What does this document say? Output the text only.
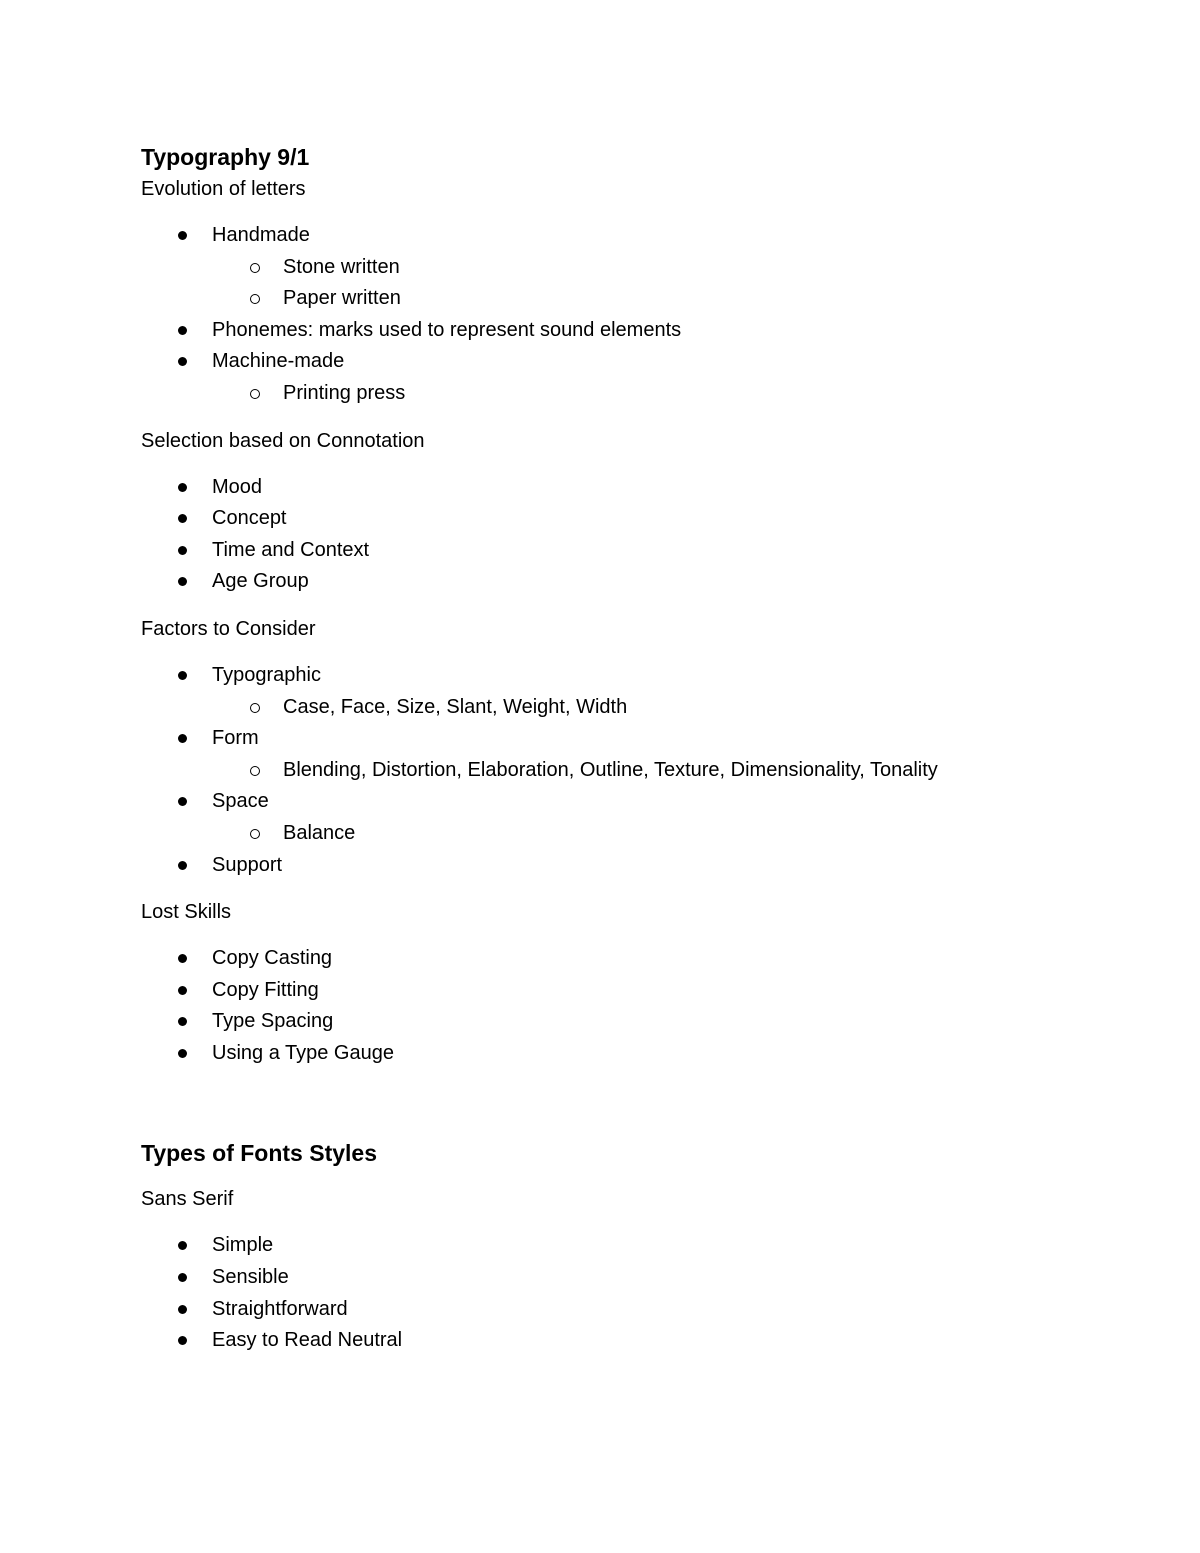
Typography 9/1
Evolution of letters
Handmade
Stone written
Paper written
Phonemes: marks used to represent sound elements
Machine-made
Printing press
Selection based on Connotation
Mood
Concept
Time and Context
Age Group
Factors to Consider
Typographic
Case, Face, Size, Slant, Weight, Width
Form
Blending, Distortion, Elaboration, Outline, Texture, Dimensionality, Tonality
Space
Balance
Support
Lost Skills
Copy Casting
Copy Fitting
Type Spacing
Using a Type Gauge
Types of Fonts Styles
Sans Serif
Simple
Sensible
Straightforward
Easy to Read Neutral
